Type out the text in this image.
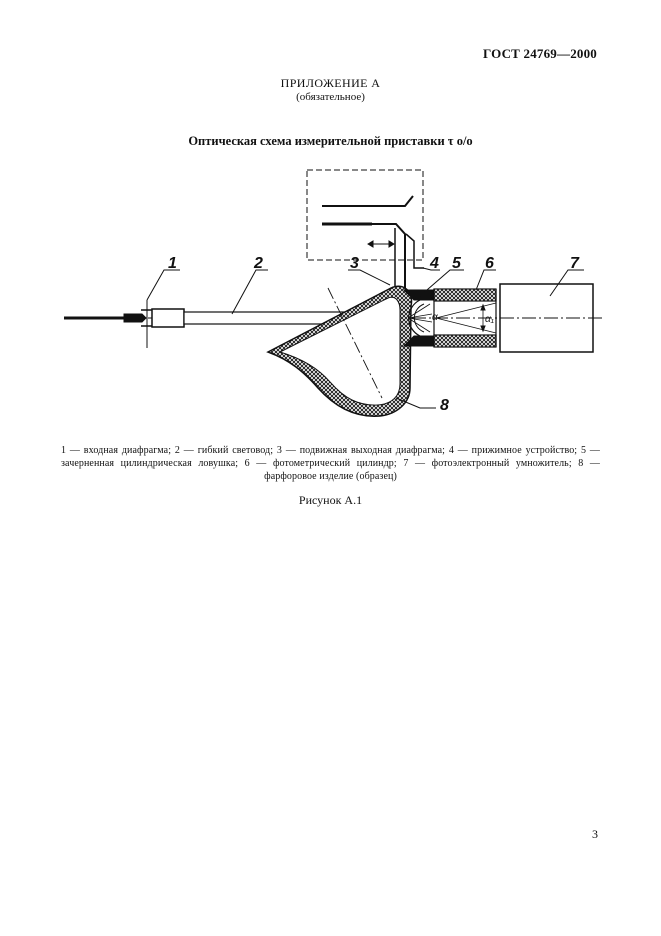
ГОСТ 24769—2000
ПРИЛОЖЕНИЕ А
(обязательное)
Оптическая схема измерительной приставки τ о/о
1	2	3	4 5 6	7
8
α	α₁
1 — входная диафрагма; 2 — гибкий световод; 3 — подвижная выходная диафрагма; 4 — прижимное устройство; 5 — зачерненная цилиндрическая ловушка; 6 — фотометрический цилиндр; 7 — фотоэлектронный умножитель; 8 — фарфоровое изделие (образец)
Рисунок А.1
3
